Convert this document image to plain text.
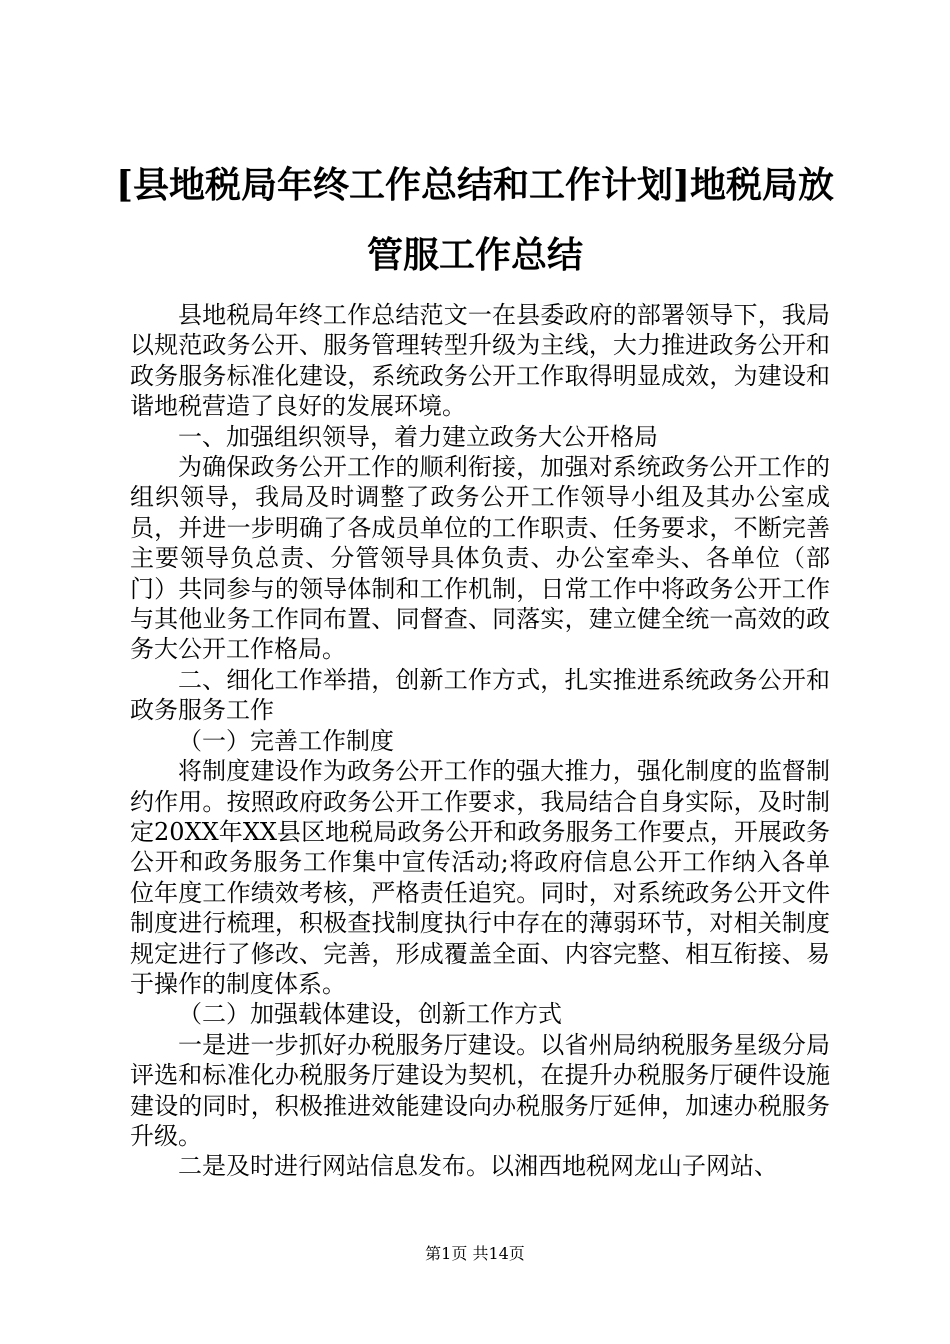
[县地税局年终工作总结和工作计划]地税局放
管服工作总结

县地税局年终工作总结范文一在县委政府的部署领导下，我局以规范政务公开、服务管理转型升级为主线，大力推进政务公开和政务服务标准化建设，系统政务公开工作取得明显成效，为建设和谐地税营造了良好的发展环境。

一、加强组织领导，着力建立政务大公开格局

为确保政务公开工作的顺利衔接，加强对系统政务公开工作的组织领导，我局及时调整了政务公开工作领导小组及其办公室成员，并进一步明确了各成员单位的工作职责、任务要求，不断完善主要领导负总责、分管领导具体负责、办公室牵头、各单位（部门）共同参与的领导体制和工作机制，日常工作中将政务公开工作与其他业务工作同布置、同督查、同落实，建立健全统一高效的政务大公开工作格局。

二、细化工作举措，创新工作方式，扎实推进系统政务公开和政务服务工作

（一）完善工作制度

将制度建设作为政务公开工作的强大推力，强化制度的监督制约作用。按照政府政务公开工作要求，我局结合自身实际，及时制定20XX年XX县区地税局政务公开和政务服务工作要点，开展政务公开和政务服务工作集中宣传活动;将政府信息公开工作纳入各单位年度工作绩效考核，严格责任追究。同时，对系统政务公开文件制度进行梳理，积极查找制度执行中存在的薄弱环节，对相关制度规定进行了修改、完善，形成覆盖全面、内容完整、相互衔接、易于操作的制度体系。

（二）加强载体建设，创新工作方式

一是进一步抓好办税服务厅建设。以省州局纳税服务星级分局评选和标准化办税服务厅建设为契机，在提升办税服务厅硬件设施建设的同时，积极推进效能建设向办税服务厅延伸，加速办税服务升级。

二是及时进行网站信息发布。以湘西地税网龙山子网站、

第1页 共14页
